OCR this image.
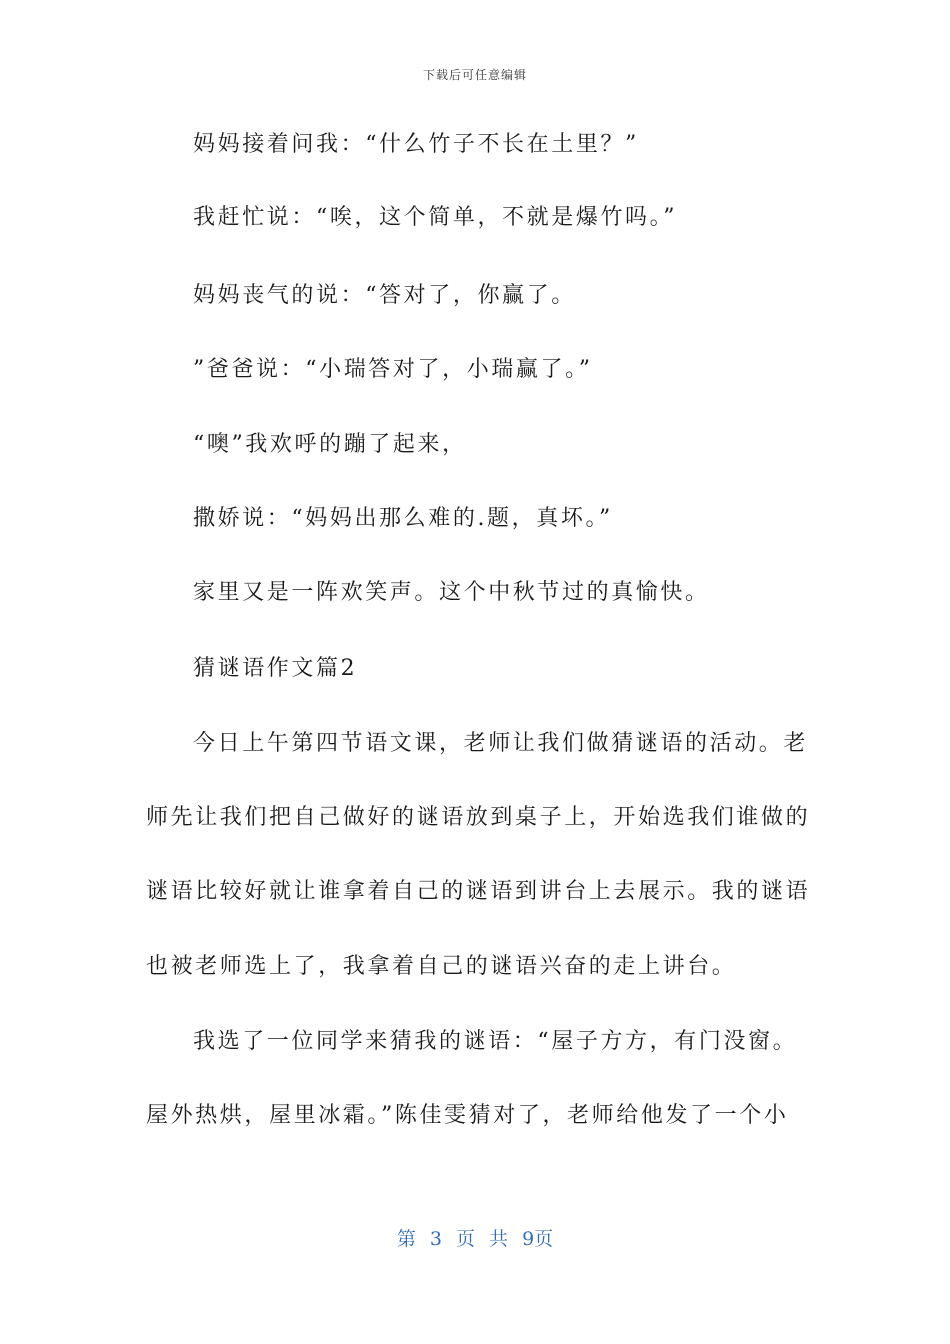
下载后可任意编辑
妈妈接着问我：“什么竹子不长在土里？”
我赶忙说：“唉，这个简单，不就是爆竹吗。”
妈妈丧气的说：“答对了，你赢了。
”爸爸说：“小瑞答对了，小瑞赢了。”
“噢”我欢呼的蹦了起来，
撒娇说：“妈妈出那么难的.题，真坏。”
家里又是一阵欢笑声。这个中秋节过的真愉快。
猜谜语作文篇2
今日上午第四节语文课，老师让我们做猜谜语的活动。老
师先让我们把自己做好的谜语放到桌子上，开始选我们谁做的
谜语比较好就让谁拿着自己的谜语到讲台上去展示。我的谜语
也被老师选上了，我拿着自己的谜语兴奋的走上讲台。
我选了一位同学来猜我的谜语：“屋子方方，有门没窗。
屋外热烘，屋里冰霜。”陈佳雯猜对了，老师给他发了一个小
第 3 页 共 9页
